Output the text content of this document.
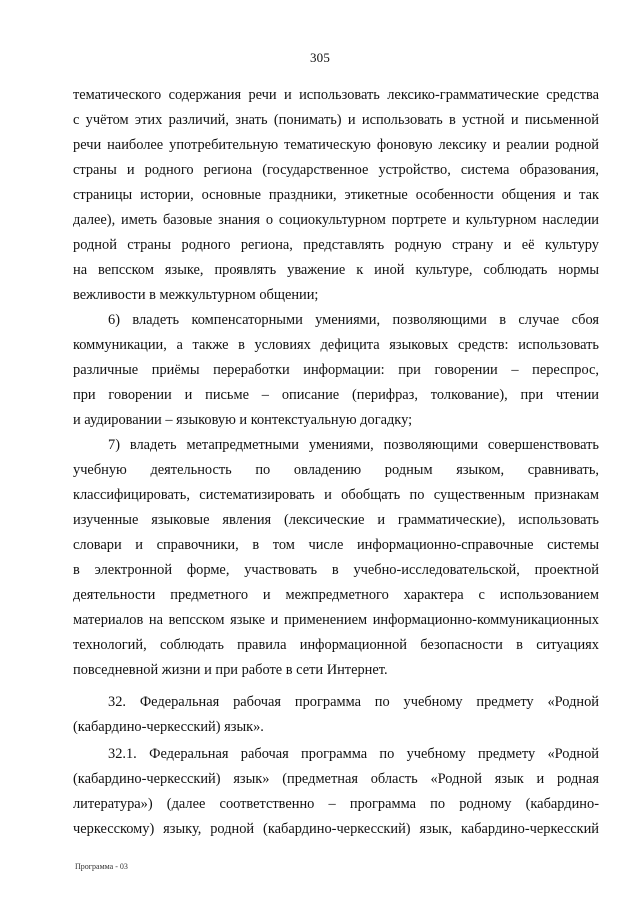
305
тематического содержания речи и использовать лексико-грамматические средства
с учётом этих различий, знать (понимать) и использовать в устной и письменной
речи наиболее употребительную тематическую фоновую лексику и реалии родной
страны и родного региона (государственное устройство, система образования,
страницы истории, основные праздники, этикетные особенности общения и так
далее), иметь базовые знания о социокультурном портрете и культурном наследии
родной страны родного региона, представлять родную страну и её культуру
на вепсском языке, проявлять уважение к иной культуре, соблюдать нормы
вежливости в межкультурном общении;
6) владеть компенсаторными умениями, позволяющими в случае сбоя
коммуникации, а также в условиях дефицита языковых средств: использовать
различные приёмы переработки информации: при говорении – переспрос,
при говорении и письме – описание (перифраз, толкование), при чтении
и аудировании – языковую и контекстуальную догадку;
7) владеть метапредметными умениями, позволяющими совершенствовать
учебную деятельность по овладению родным языком, сравнивать,
классифицировать, систематизировать и обобщать по существенным признакам
изученные языковые явления (лексические и грамматические), использовать
словари и справочники, в том числе информационно-справочные системы
в электронной форме, участвовать в учебно-исследовательской, проектной
деятельности предметного и межпредметного характера с использованием
материалов на вепсском языке и применением информационно-коммуникационных
технологий, соблюдать правила информационной безопасности в ситуациях
повседневной жизни и при работе в сети Интернет.
32. Федеральная рабочая программа по учебному предмету «Родной
(кабардино-черкесский) язык».
32.1. Федеральная рабочая программа по учебному предмету «Родной
(кабардино-черкесский) язык» (предметная область «Родной язык и родная
литература») (далее соответственно – программа по родному (кабардино-
черкесскому) языку, родной (кабардино-черкесский) язык, кабардино-черкесский
Программа - 03
